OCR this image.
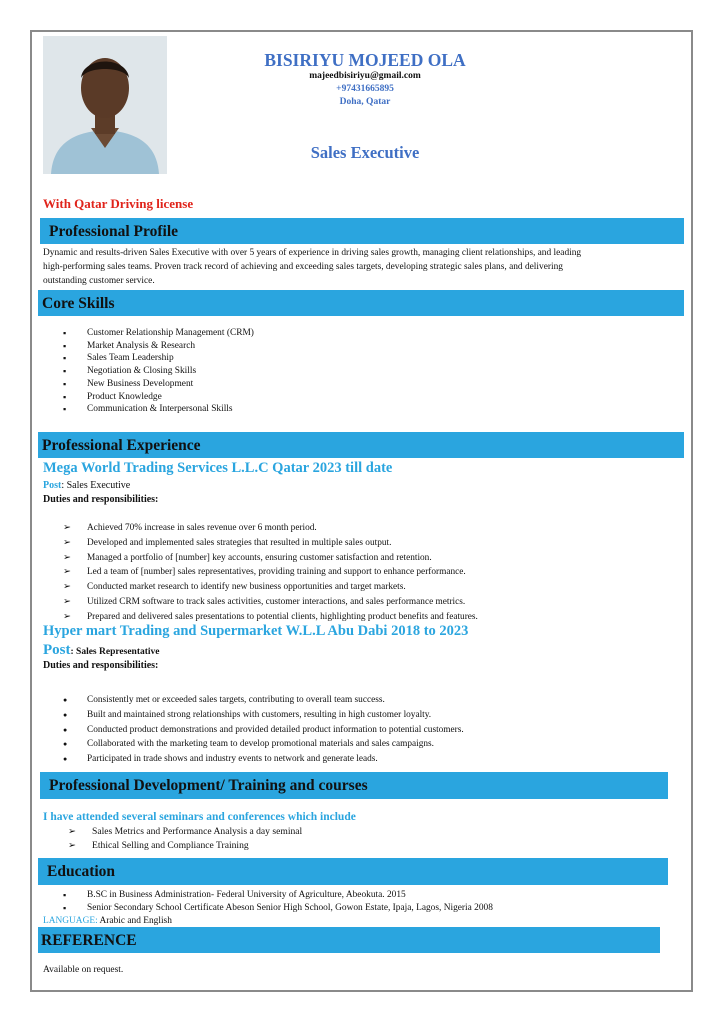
BISIRIYU MOJEED OLA
majeedbisiriyu@gmail.com
+97431665895
Doha, Qatar
Sales Executive
With Qatar Driving license
Professional Profile
Dynamic and results-driven Sales Executive with over 5 years of experience in driving sales growth, managing client relationships, and leading
high-performing sales teams. Proven track record of achieving and exceeding sales targets, developing strategic sales plans, and delivering
outstanding customer service.
Core Skills
▪ Customer Relationship Management (CRM)
▪ Market Analysis & Research
▪ Sales Team Leadership
▪ Negotiation & Closing Skills
▪ New Business Development
▪ Product Knowledge
▪ Communication & Interpersonal Skills
Professional Experience
Mega World Trading Services L.L.C Qatar 2023 till date
Post: Sales Executive
Duties and responsibilities:
➢ Achieved 70% increase in sales revenue over 6 month period.
➢ Developed and implemented sales strategies that resulted in multiple sales output.
➢ Managed a portfolio of [number] key accounts, ensuring customer satisfaction and retention.
➢ Led a team of [number] sales representatives, providing training and support to enhance performance.
➢ Conducted market research to identify new business opportunities and target markets.
➢ Utilized CRM software to track sales activities, customer interactions, and sales performance metrics.
➢ Prepared and delivered sales presentations to potential clients, highlighting product benefits and features.
Hyper mart Trading and Supermarket W.L.L Abu Dabi 2018 to 2023
Post: Sales Representative
Duties and responsibilities:
● Consistently met or exceeded sales targets, contributing to overall team success.
● Built and maintained strong relationships with customers, resulting in high customer loyalty.
● Conducted product demonstrations and provided detailed product information to potential customers.
● Collaborated with the marketing team to develop promotional materials and sales campaigns.
● Participated in trade shows and industry events to network and generate leads.
Professional Development/ Training and courses
I have attended several seminars and conferences which include
➢ Sales Metrics and Performance Analysis a day seminal
➢ Ethical Selling and Compliance Training
Education
▪ B.SC in Business Administration- Federal University of Agriculture, Abeokuta. 2015
▪ Senior Secondary School Certificate Abeson Senior High School, Gowon Estate, Ipaja, Lagos, Nigeria 2008
LANGUAGE: Arabic and English
REFERENCE
Available on request.
